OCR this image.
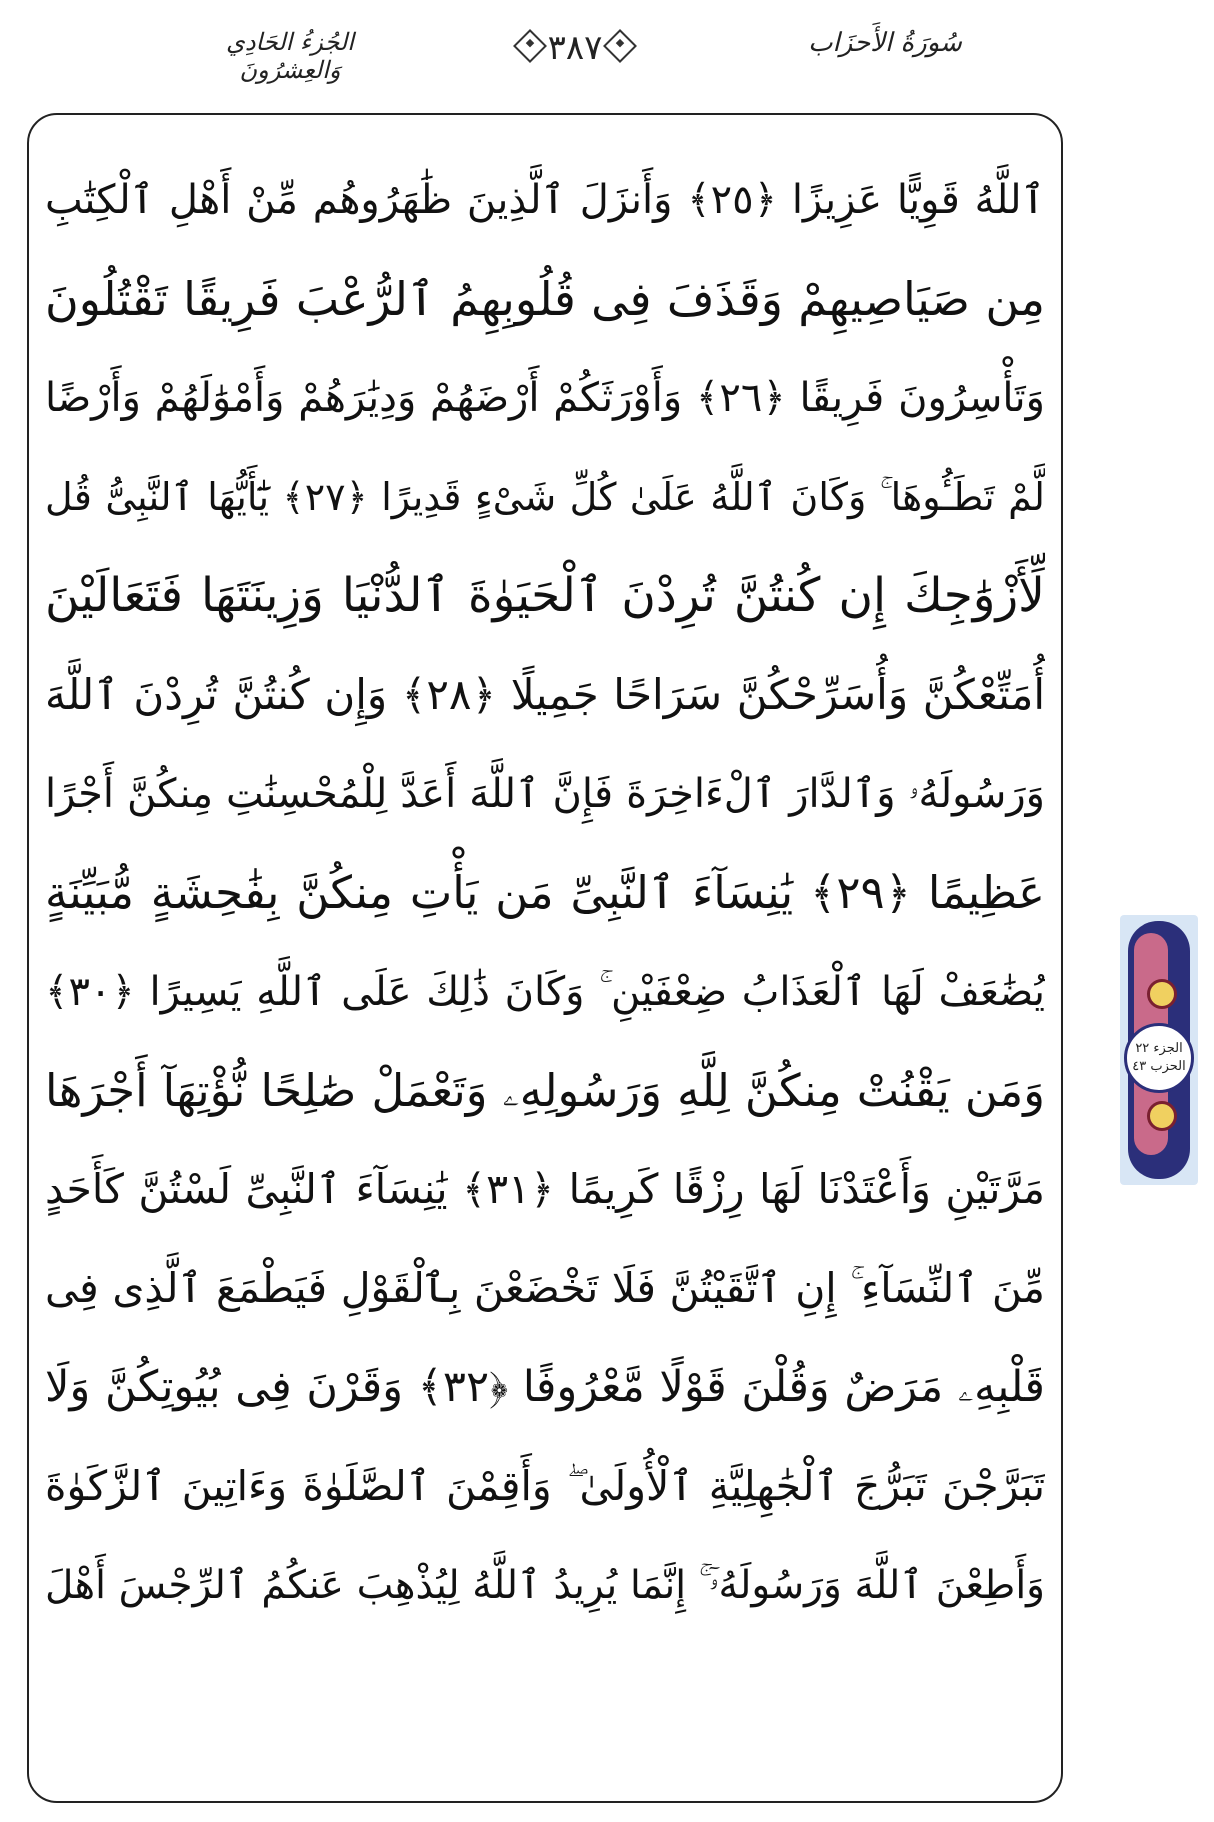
سُورَةُ الأَحزَاب
٣٨٧
الجُزءُ الحَادِي وَالعِشرُونَ
ٱللَّهُ قَوِيًّا عَزِيزًا ﴿٢٥﴾ وَأَنزَلَ ٱلَّذِينَ ظَٰهَرُوهُم مِّنْ أَهْلِ ٱلْكِتَٰبِ
مِن صَيَاصِيهِمْ وَقَذَفَ فِى قُلُوبِهِمُ ٱلرُّعْبَ فَرِيقًا تَقْتُلُونَ
وَتَأْسِرُونَ فَرِيقًا ﴿٢٦﴾ وَأَوْرَثَكُمْ أَرْضَهُمْ وَدِيَٰرَهُمْ وَأَمْوَٰلَهُمْ وَأَرْضًا
لَّمْ تَطَـُٔوهَا ۚ وَكَانَ ٱللَّهُ عَلَىٰ كُلِّ شَىْءٍ قَدِيرًا ﴿٢٧﴾ يَٰٓأَيُّهَا ٱلنَّبِىُّ قُل
لِّأَزْوَٰجِكَ إِن كُنتُنَّ تُرِدْنَ ٱلْحَيَوٰةَ ٱلدُّنْيَا وَزِينَتَهَا فَتَعَالَيْنَ
أُمَتِّعْكُنَّ وَأُسَرِّحْكُنَّ سَرَاحًا جَمِيلًا ﴿٢٨﴾ وَإِن كُنتُنَّ تُرِدْنَ ٱللَّهَ
وَرَسُولَهُۥ وَٱلدَّارَ ٱلْءَاخِرَةَ فَإِنَّ ٱللَّهَ أَعَدَّ لِلْمُحْسِنَٰتِ مِنكُنَّ أَجْرًا
عَظِيمًا ﴿٢٩﴾ يَٰنِسَآءَ ٱلنَّبِىِّ مَن يَأْتِ مِنكُنَّ بِفَٰحِشَةٍ مُّبَيِّنَةٍ
يُضَٰعَفْ لَهَا ٱلْعَذَابُ ضِعْفَيْنِ ۚ وَكَانَ ذَٰلِكَ عَلَى ٱللَّهِ يَسِيرًا ﴿٣٠﴾
وَمَن يَقْنُتْ مِنكُنَّ لِلَّهِ وَرَسُولِهِۦ وَتَعْمَلْ صَٰلِحًا نُّؤْتِهَآ أَجْرَهَا
مَرَّتَيْنِ وَأَعْتَدْنَا لَهَا رِزْقًا كَرِيمًا ﴿٣١﴾ يَٰنِسَآءَ ٱلنَّبِىِّ لَسْتُنَّ كَأَحَدٍ
مِّنَ ٱلنِّسَآءِ ۚ إِنِ ٱتَّقَيْتُنَّ فَلَا تَخْضَعْنَ بِٱلْقَوْلِ فَيَطْمَعَ ٱلَّذِى فِى
قَلْبِهِۦ مَرَضٌ وَقُلْنَ قَوْلًا مَّعْرُوفًا ﴿٣٢﴾ وَقَرْنَ فِى بُيُوتِكُنَّ وَلَا
تَبَرَّجْنَ تَبَرُّجَ ٱلْجَٰهِلِيَّةِ ٱلْأُولَىٰ ۖ وَأَقِمْنَ ٱلصَّلَوٰةَ وَءَاتِينَ ٱلزَّكَوٰةَ
وَأَطِعْنَ ٱللَّهَ وَرَسُولَهُۥٓ ۚ إِنَّمَا يُرِيدُ ٱللَّهُ لِيُذْهِبَ عَنكُمُ ٱلرِّجْسَ أَهْلَ
الجزء ٢٢
الحزب ٤٣
